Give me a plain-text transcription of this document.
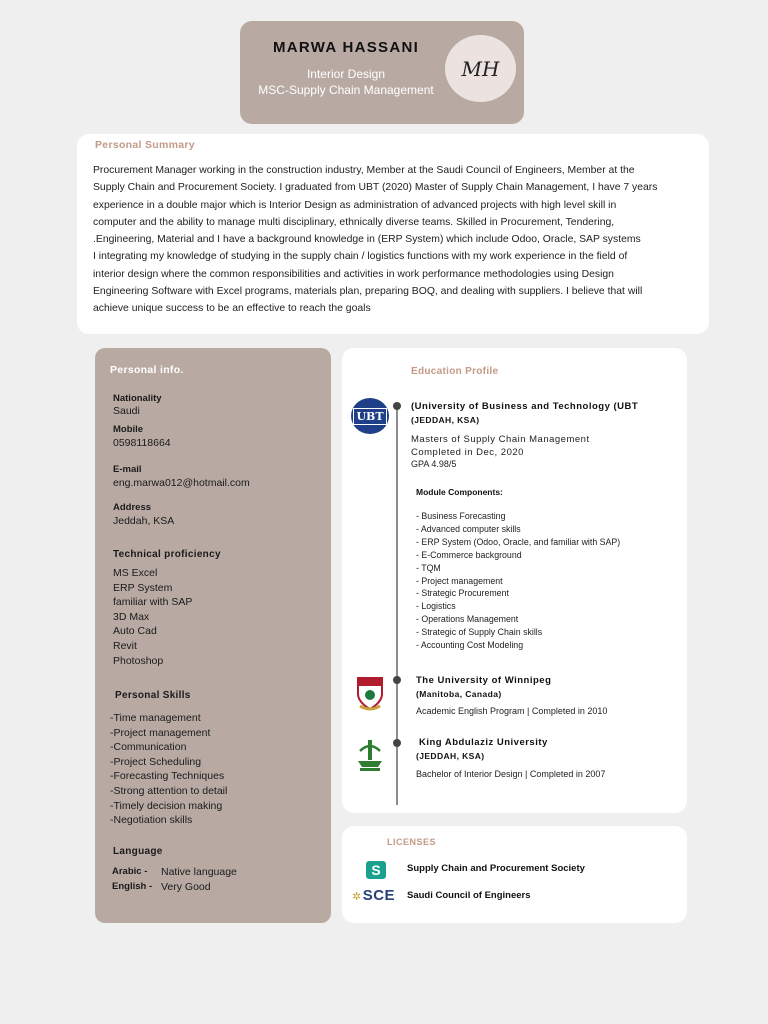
MARWA HASSANI
Interior Design
MSC-Supply Chain Management
MH
Personal Summary

Procurement Manager working in the construction industry, Member at the Saudi Council of Engineers, Member at the

Supply Chain and Procurement Society. I graduated from UBT (2020) Master of Supply Chain Management, I have 7 years

experience in a double major which is Interior Design as administration of advanced projects with high level skill in

computer and the ability to manage multi disciplinary, ethnically diverse teams. Skilled in Procurement, Tendering,

.Engineering, Material and I have a background knowledge in (ERP System) which include Odoo, Oracle, SAP systems

I integrating my knowledge of studying in the supply chain / logistics functions with my work experience in the field of

interior design where the common responsibilities and activities in work performance methodologies using Design

Engineering Software with Excel programs, materials plan, preparing BOQ, and dealing with suppliers. I believe that will

achieve unique success to be an effective to reach the goals

Personal info.
Nationality
Saudi
Mobile
0598118664
E-mail
eng.marwa012@hotmail.com
Address
Jeddah, KSA
Technical proficiency
MS Excel
ERP System
familiar with SAP
3D Max
Auto Cad
Revit
Photoshop
Personal Skills
-Time management
-Project management
-Communication
-Project Scheduling
-Forecasting Techniques
-Strong attention to detail
-Timely decision making
-Negotiation skills
Language
Arabic - Native language
English - Very Good
Education Profile
UBT
(University of Business and Technology (UBT
(JEDDAH, KSA)
Masters of Supply Chain Management
Completed in Dec, 2020
GPA 4.98/5
Module Components:
- Business Forecasting
- Advanced computer skills
- ERP System (Odoo, Oracle, and familiar with SAP)
- E-Commerce background
- TQM
- Project management
- Strategic Procurement
- Logistics
- Operations Management
- Strategic of Supply Chain skills
- Accounting Cost Modeling
The University of Winnipeg
(Manitoba, Canada)
Academic English Program | Completed in 2010
King Abdulaziz University
(JEDDAH, KSA)
Bachelor of Interior Design | Completed in 2007
LICENSES
S	Supply Chain and Procurement Society
✲SCE Saudi Council of Engineers
